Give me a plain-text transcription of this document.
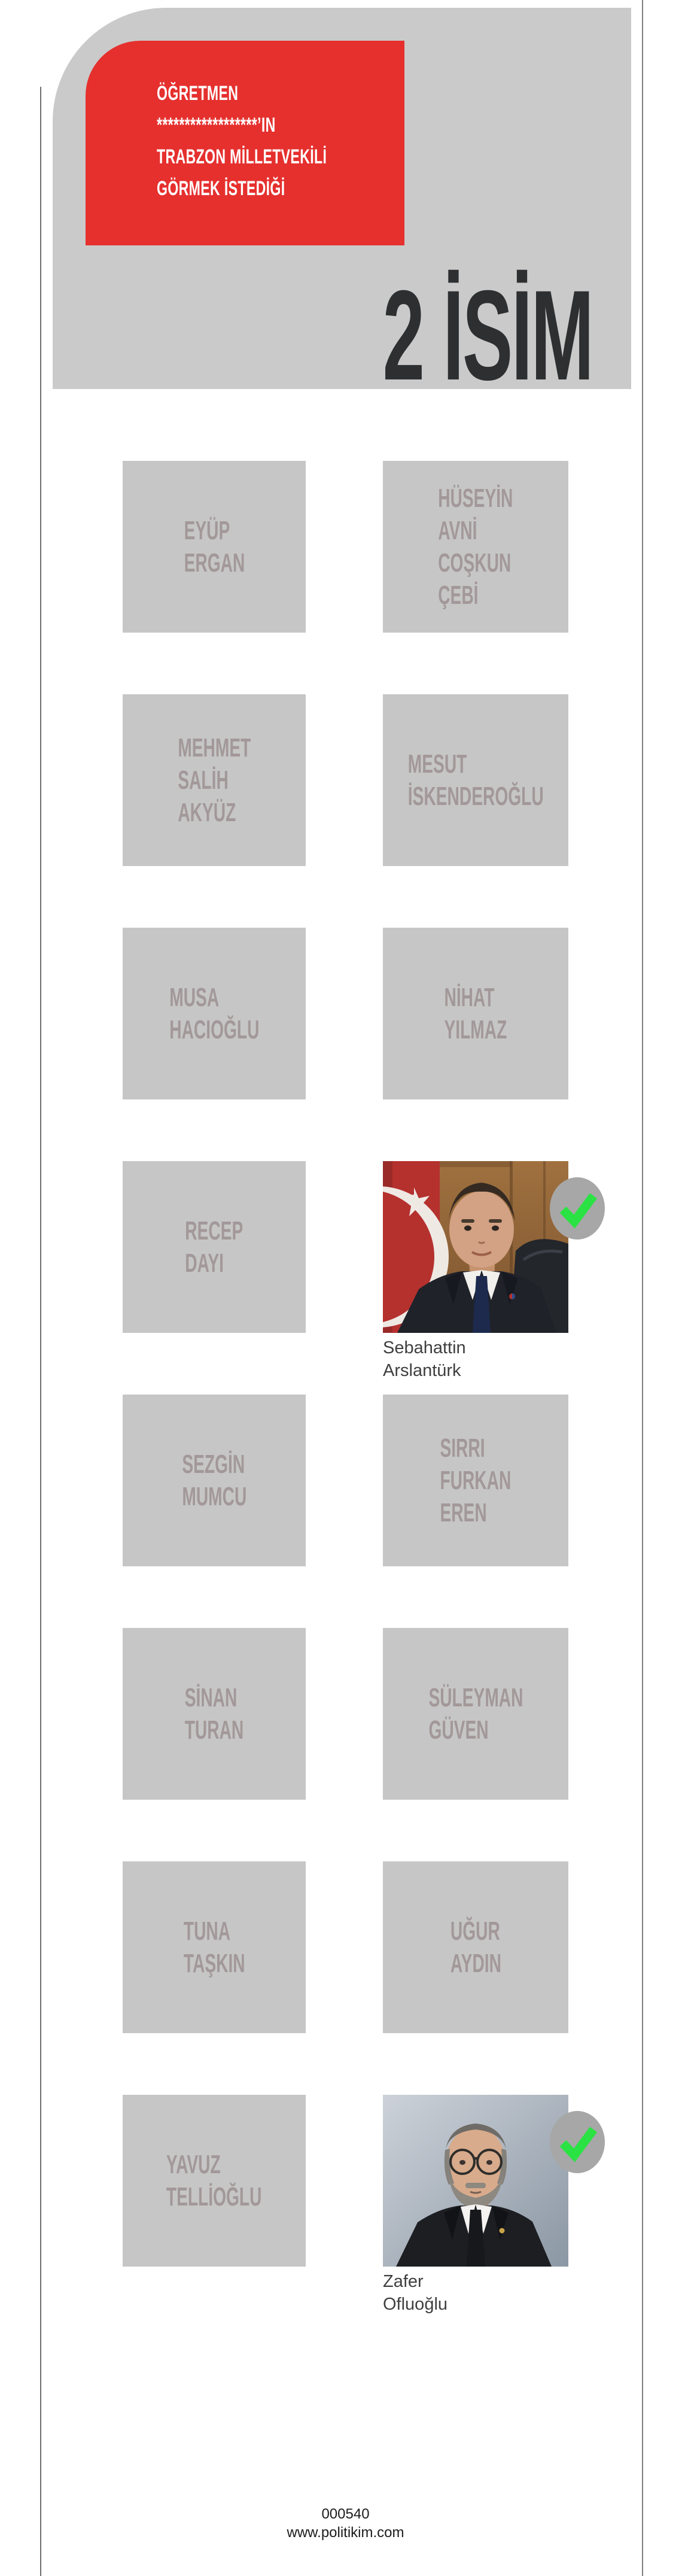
ÖĞRETMEN
******************’IN
TRABZON MİLLETVEKİLİ
GÖRMEK İSTEDİĞİ
2 İSİM
EYÜP
ERGAN
HÜSEYİN
AVNİ
COŞKUN
ÇEBİ
MEHMET
SALİH
AKYÜZ
MESUT
İSKENDEROĞLU
MUSA
HACIOĞLU
NİHAT
YILMAZ
RECEP
DAYI
Sebahattin
Arslantürk
SEZGİN
MUMCU
SIRRI
FURKAN
EREN
SİNAN
TURAN
SÜLEYMAN
GÜVEN
TUNA
TAŞKIN
UĞUR
AYDIN
YAVUZ
TELLİOĞLU
Zafer
Ofluoğlu
000540
www.politikim.com
